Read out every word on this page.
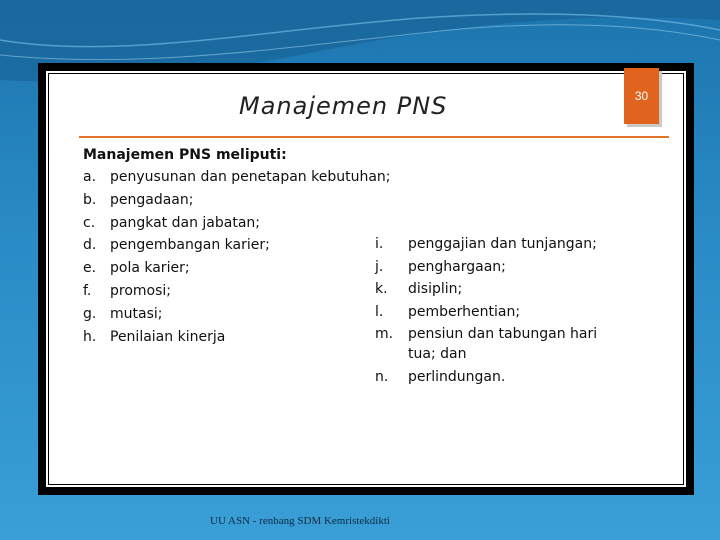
Manajemen PNS
Manajemen PNS meliputi:
a. penyusunan dan penetapan kebutuhan;
b. pengadaan;
c.	pangkat dan jabatan;
d. pengembangan karier;
e. pola karier;
f.	promosi;
g. mutasi;
h. Penilaian kinerja
i.	penggajian dan tunjangan;
j.	penghargaan;
k.	disiplin;
l.	pemberhentian;
m.	pensiun dan tabungan hari tua; dan
n.	perlindungan.
30
UU ASN - renbang SDM Kemristekdikti
